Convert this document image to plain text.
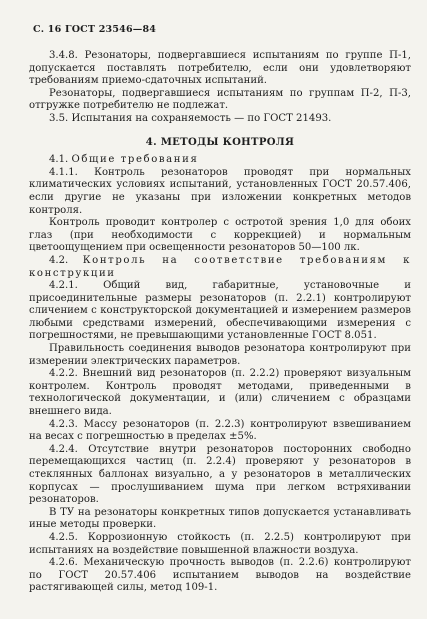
С. 16 ГОСТ 23546—84

3.4.8. Резонаторы, подвергавшиеся испытаниям по группе П-1, допускается поставлять потребителю, если они удовлетворяют требованиям приемо-сдаточных испытаний.

Резонаторы, подвергавшиеся испытаниям по группам П-2, П-3, отгружке потребителю не подлежат.

3.5. Испытания на сохраняемость — по ГОСТ 21493.

4. МЕТОДЫ КОНТРОЛЯ

4.1. Общие требования

4.1.1. Контроль резонаторов проводят при нормальных климатических условиях испытаний, установленных ГОСТ 20.57.406, если другие не указаны при изложении конкретных методов контроля.

Контроль проводит контролер с остротой зрения 1,0 для обоих глаз (при необходимости с коррекцией) и нормальным цветоощущением при освещенности резонаторов 50—100 лк.

4.2. Контроль на соответствие требованиям к конструкции

4.2.1. Общий вид, габаритные, установочные и присоединительные размеры резонаторов (п. 2.2.1) контролируют сличением с конструкторской документацией и измерением размеров любыми средствами измерений, обеспечивающими измерения с погрешностями, не превышающими установленные ГОСТ 8.051.

Правильность соединения выводов резонатора контролируют при измерении электрических параметров.

4.2.2. Внешний вид резонаторов (п. 2.2.2) проверяют визуальным контролем. Контроль проводят методами, приведенными в технологической документации, и (или) сличением с образцами внешнего вида.

4.2.3. Массу резонаторов (п. 2.2.3) контролируют взвешиванием на весах с погрешностью в пределах ±5%.

4.2.4. Отсутствие внутри резонаторов посторонних свободно перемещающихся частиц (п. 2.2.4) проверяют у резонаторов в стеклянных баллонах визуально, а у резонаторов в металлических корпусах — прослушиванием шума при легком встряхивании резонаторов.

В ТУ на резонаторы конкретных типов допускается устанавливать иные методы проверки.

4.2.5. Коррозионную стойкость (п. 2.2.5) контролируют при испытаниях на воздействие повышенной влажности воздуха.

4.2.6. Механическую прочность выводов (п. 2.2.6) контролируют по ГОСТ 20.57.406 испытанием выводов на воздействие растягивающей силы, метод 109-1.
